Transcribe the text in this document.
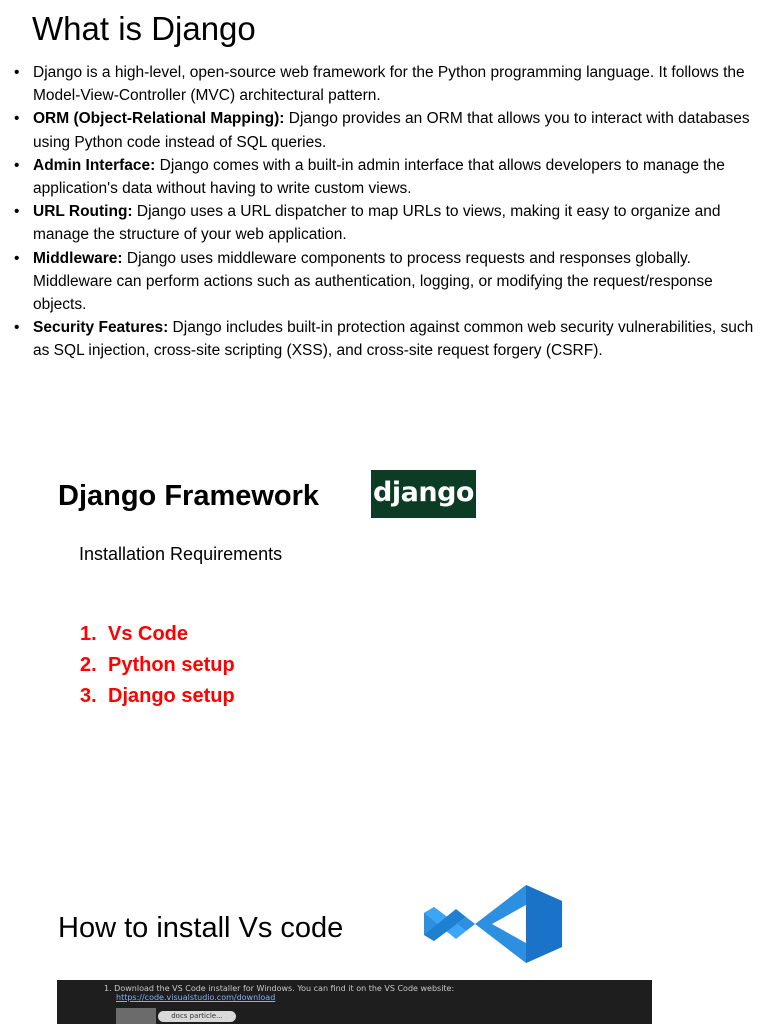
What is Django
• Django is a high-level, open-source web framework for the Python programming language. It follows the Model-View-Controller (MVC) architectural pattern.
• ORM (Object-Relational Mapping): Django provides an ORM that allows you to interact with databases using Python code instead of SQL queries.
• Admin Interface: Django comes with a built-in admin interface that allows developers to manage the application's data without having to write custom views.
• URL Routing: Django uses a URL dispatcher to map URLs to views, making it easy to organize and manage the structure of your web application.
• Middleware: Django uses middleware components to process requests and responses globally. Middleware can perform actions such as authentication, logging, or modifying the request/response objects.
• Security Features: Django includes built-in protection against common web security vulnerabilities, such as SQL injection, cross-site scripting (XSS), and cross-site request forgery (CSRF).
Django Framework django
Installation Requirements
1. Vs Code
2. Python setup
3. Django setup
How to install Vs code
1. Download the VS Code installer for Windows. You can find it on the VS Code website:
https://code.visualstudio.com/download
docs particle...
